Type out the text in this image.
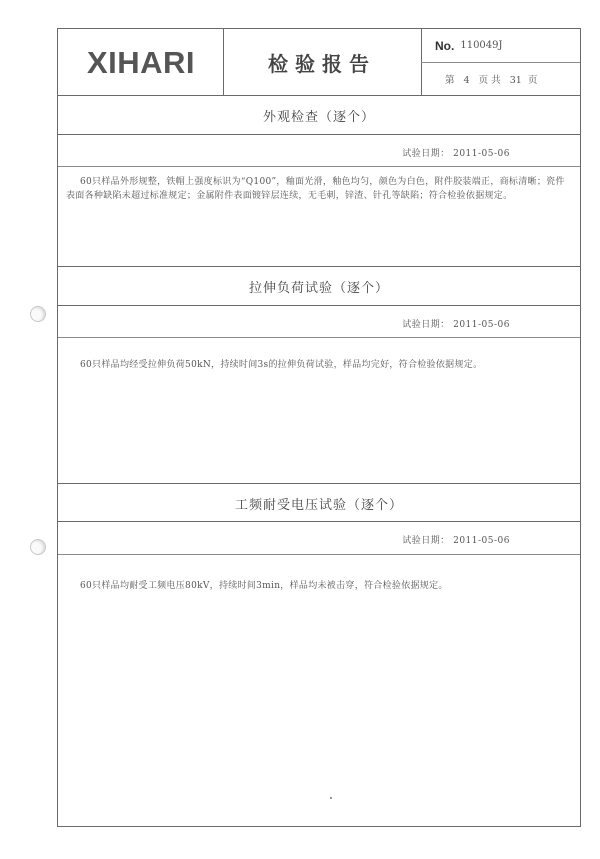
XIHARI	检验报告
No. 110049J
第   4   页 共   31  页
外观检查（逐个）
试验日期： 2011-05-06
60只样品外形规整，铁帽上强度标识为“Q100”，釉面光滑，釉色均匀，颜色为白色，附件胶装端正，商标清晰；瓷件表面各种缺陷未超过标准规定；金属附件表面镀锌层连续，无毛刺，锌渣、针孔等缺陷；符合检验依据规定。
拉伸负荷试验（逐个）
试验日期： 2011-05-06
60只样品均经受拉伸负荷50kN，持续时间3s的拉伸负荷试验，样品均完好，符合检验依据规定。
工频耐受电压试验（逐个）
试验日期： 2011-05-06
60只样品均耐受工频电压80kV，持续时间3min，样品均未被击穿，符合检验依据规定。
